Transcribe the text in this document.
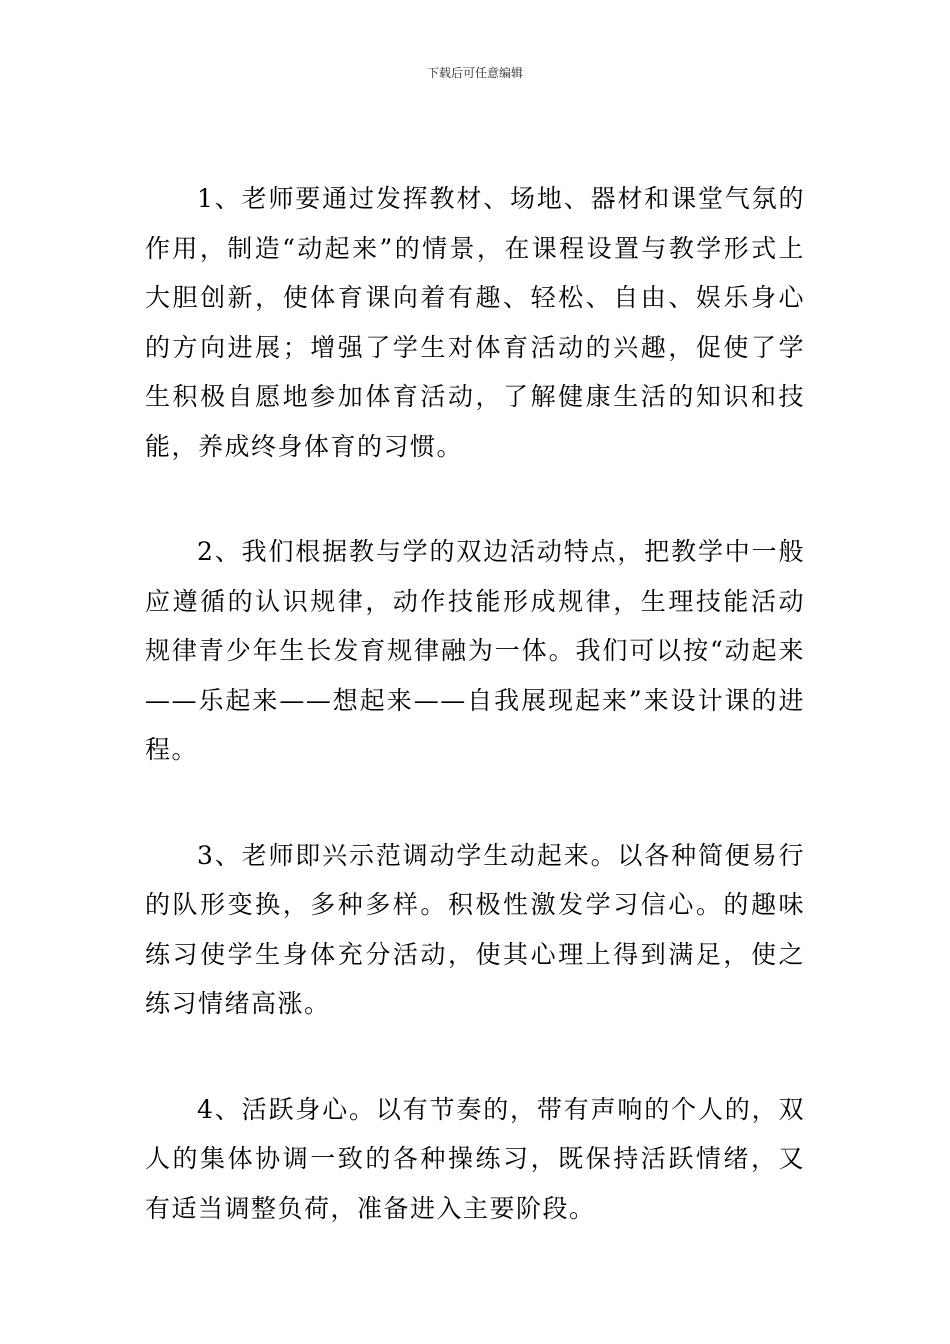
下载后可任意编辑

1、老师要通过发挥教材、场地、器材和课堂气氛的作用，制造“动起来”的情景，在课程设置与教学形式上大胆创新，使体育课向着有趣、轻松、自由、娱乐身心的方向进展；增强了学生对体育活动的兴趣，促使了学生积极自愿地参加体育活动，了解健康生活的知识和技能，养成终身体育的习惯。

2、我们根据教与学的双边活动特点，把教学中一般应遵循的认识规律，动作技能形成规律，生理技能活动规律青少年生长发育规律融为一体。我们可以按“动起来——乐起来——想起来——自我展现起来”来设计课的进程。

3、老师即兴示范调动学生动起来。以各种简便易行的队形变换，多种多样。积极性激发学习信心。的趣味练习使学生身体充分活动，使其心理上得到满足，使之练习情绪高涨。

4、活跃身心。以有节奏的，带有声响的个人的，双人的集体协调一致的各种操练习，既保持活跃情绪，又有适当调整负荷，准备进入主要阶段。
